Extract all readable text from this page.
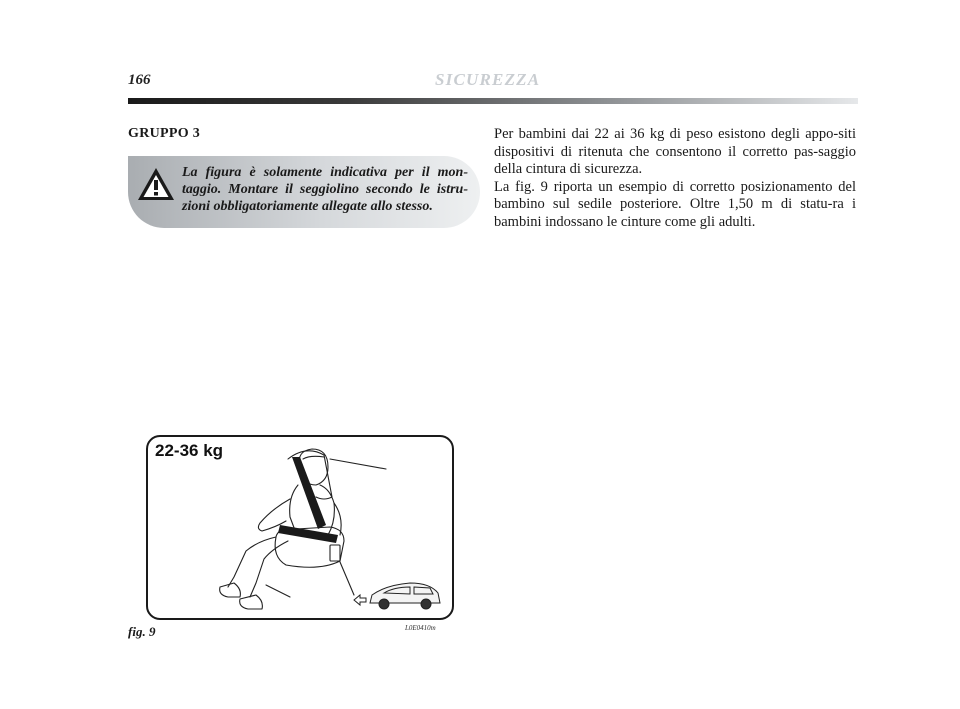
166	SICUREZZA
GRUPPO 3
La figura è solamente indicativa per il mon-taggio. Montare il seggiolino secondo le istru-zioni obbligatoriamente allegate allo stesso.

Per bambini dai 22 ai 36 kg di peso esistono degli appo-siti dispositivi di ritenuta che consentono il corretto pas-saggio della cintura di sicurezza.

La fig. 9 riporta un esempio di corretto posizionamento del bambino sul sedile posteriore. Oltre 1,50 m di statu-ra i bambini indossano le cinture come gli adulti.

22-36 kg
fig. 9	L0E0410m
